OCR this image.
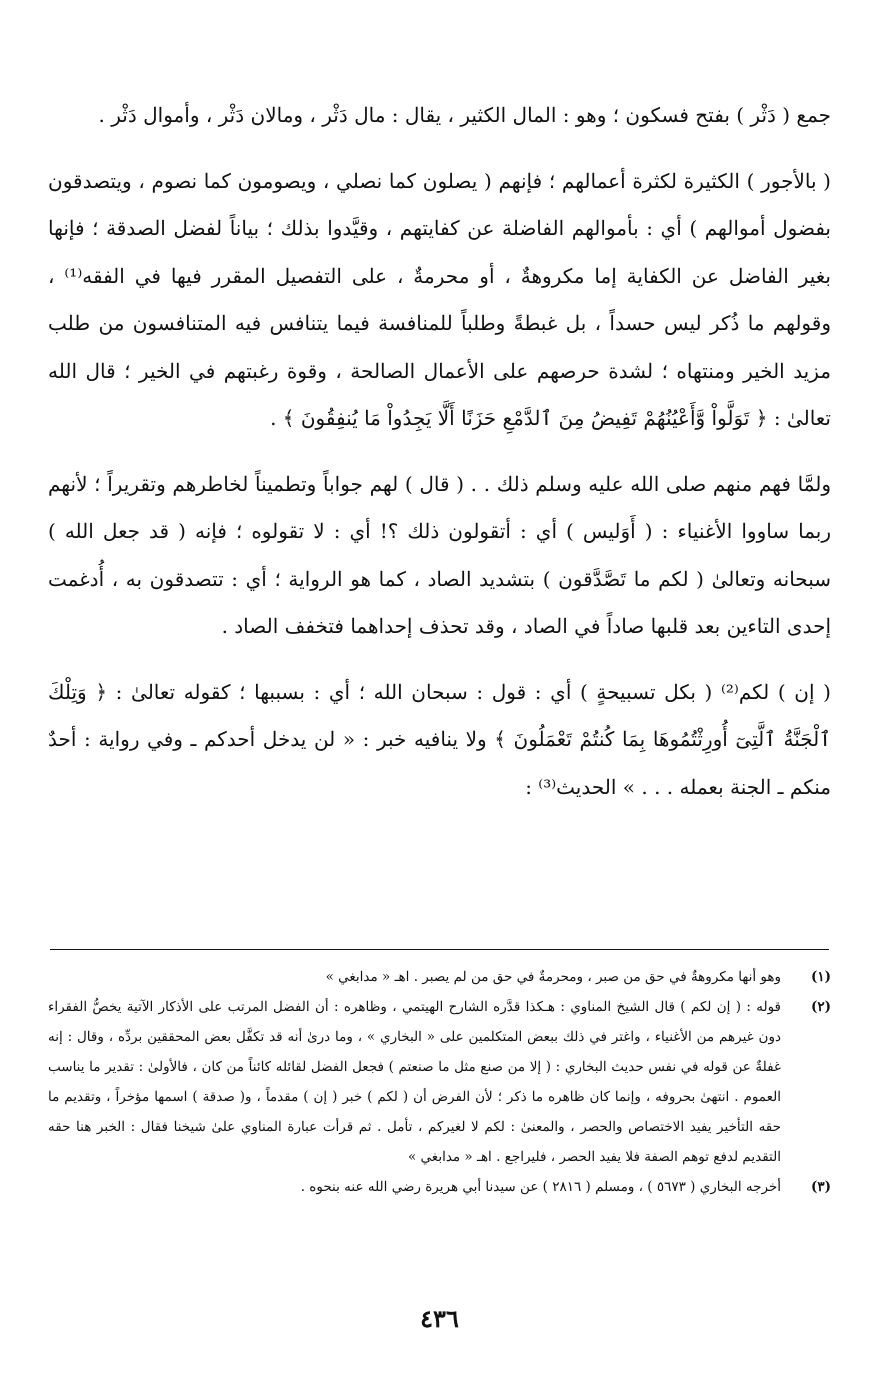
جمع ( دَثْر ) بفتح فسكون ؛ وهو : المال الكثير ، يقال : مال دَثْر ، ومالان دَثْر ، وأموال دَثْر .

( بالأجور ) الكثيرة لكثرة أعمالهم ؛ فإنهم ( يصلون كما نصلي ، ويصومون كما نصوم ، ويتصدقون بفضول أموالهم ) أي : بأموالهم الفاضلة عن كفايتهم ، وقيَّدوا بذلك ؛ بياناً لفضل الصدقة ؛ فإنها بغير الفاضل عن الكفاية إما مكروهةٌ ، أو محرمةٌ ، على التفصيل المقرر فيها في الفقه⁽¹⁾ ، وقولهم ما ذُكر ليس حسداً ، بل غبطةً وطلباً للمنافسة فيما يتنافس فيه المتنافسون من طلب مزيد الخير ومنتهاه ؛ لشدة حرصهم على الأعمال الصالحة ، وقوة رغبتهم في الخير ؛ قال الله تعالىٰ : ﴿ تَوَلَّواْ وَّأَعْيُنُهُمْ تَفِيضُ مِنَ ٱلدَّمْعِ حَزَنًا أَلَّا يَجِدُواْ مَا يُنفِقُونَ ﴾ .

ولمَّا فهم منهم صلى الله عليه وسلم ذلك . . ( قال ) لهم جواباً وتطميناً لخاطرهم وتقريراً ؛ لأنهم ربما ساووا الأغنياء : ( أَوَليس ) أي : أتقولون ذلك ؟! أي : لا تقولوه ؛ فإنه ( قد جعل الله ) سبحانه وتعالىٰ ( لكم ما تَصَّدَّقون ) بتشديد الصاد ، كما هو الرواية ؛ أي : تتصدقون به ، أُدغمت إحدى التاءين بعد قلبها صاداً في الصاد ، وقد تحذف إحداهما فتخفف الصاد .

( إن ) لكم⁽²⁾ ( بكل تسبيحةٍ ) أي : قول : سبحان الله ؛ أي : بسببها ؛ كقوله تعالىٰ : ﴿ وَتِلْكَ ٱلْجَنَّةُ ٱلَّتِىٓ أُورِثْتُمُوهَا بِمَا كُنتُمْ تَعْمَلُونَ ﴾ ولا ينافيه خبر : « لن يدخل أحدكم ـ وفي رواية : أحدٌ منكم ـ الجنة بعمله . . . » الحديث⁽³⁾ :

(١)
وهو أنها مكروهةٌ في حق من صبر ، ومحرمةٌ في حق من لم يصبر . اهـ « مدابغي »
(٢)
قوله : ( إن لكم ) قال الشيخ المناوي : هـكذا قدَّره الشارح الهيتمي ، وظاهره : أن الفضل المرتب على الأذكار الآتية يخصُّ الفقراء دون غيرهم من الأغنياء ، واغتر في ذلك ببعض المتكلمين على « البخاري » ، وما درىٰ أنه قد تكفَّل بعض المحققين بردِّه ، وقال : إنه غفلةٌ عن قوله في نفس حديث البخاري : ( إلا من صنع مثل ما صنعتم ) فجعل الفضل لقائله كائناً من كان ، فالأولىٰ : تقدير ما يناسب العموم . انتهىٰ بحروفه ، وإنما كان ظاهره ما ذكر ؛ لأن الفرض أن ( لكم ) خبر ( إن ) مقدماً ، و( صدقة ) اسمها مؤخراً ، وتقديم ما حقه التأخير يفيد الاختصاص والحصر ، والمعنىٰ : لكم لا لغيركم ، تأمل . ثم قرأت عبارة المناوي علىٰ شيخنا فقال : الخبر هنا حقه التقديم لدفع توهم الصفة فلا يفيد الحصر ، فليراجع . اهـ « مدابغي »
(٣)
أخرجه البخاري ( ٥٦٧٣ ) ، ومسلم ( ٢٨١٦ ) عن سيدنا أبي هريرة رضي الله عنه بنحوه .
٤٣٦
